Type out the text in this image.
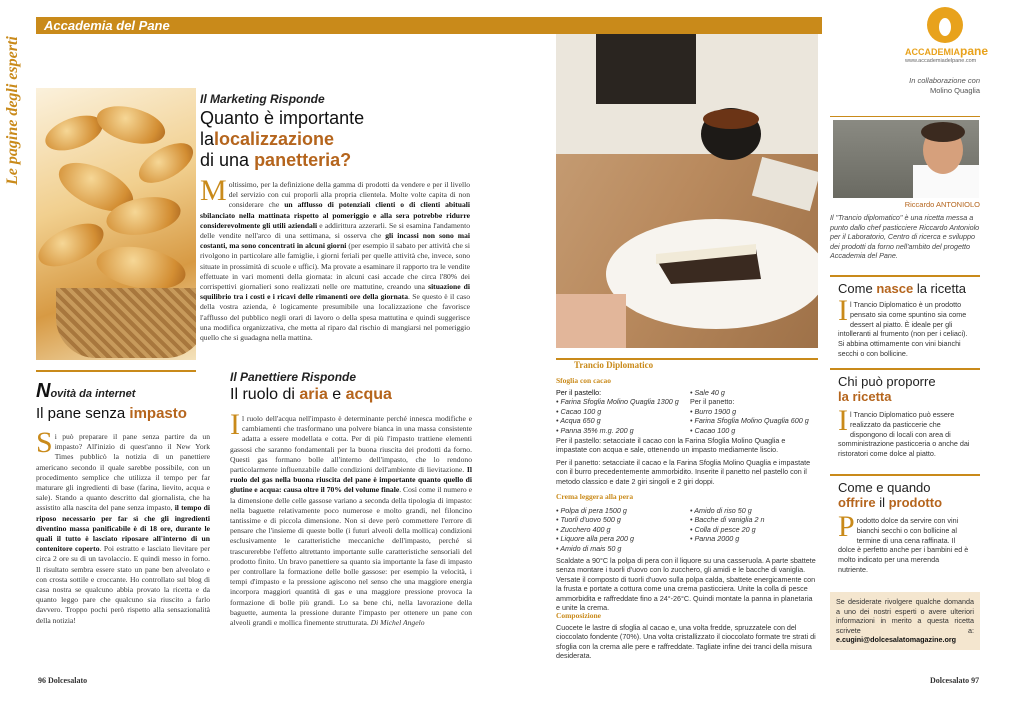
Accademia del Pane
Le pagine degli esperti	Il Marketing Risponde
Quanto è importante
lalocalizzazione
di una panetteria?
Moltissimo, per la definizione della gamma di prodotti da vendere e per il livello del servizio con cui proporli alla propria clientela. Molte volte capita di non considerare che un afflusso di potenziali clienti o di clienti abituali sbilanciato nella mattinata rispetto al pomeriggio e alla sera potrebbe ridurre considerevolmente gli utili aziendali e addirittura azzerarli. Se si esamina l'andamento delle vendite nell'arco di una settimana, si osserva che gli incassi non sono mai costanti, ma sono concentrati in alcuni giorni (per esempio il sabato per attività che si rivolgono in particolare alle famiglie, i giorni feriali per quelle attività che, invece, sono situate in prossimità di scuole e uffici). Ma provate a esaminare il rapporto tra le vendite effettuate in vari momenti della giornata: in alcuni casi accade che circa l'80% dei corrispettivi giornalieri sono realizzati nelle ore mattutine, creando una situazione di squilibrio tra i costi e i ricavi delle rimanenti ore della giornata. Se questo è il caso della vostra azienda, è logicamente presumibile una localizzazione che favorisce l'afflusso del pubblico negli orari di lavoro o della spesa mattutina e quindi suggerisce una modifica organizzativa, che metta al riparo dal rischio di mangiarsi nel pomeriggio quello che si guadagna nella mattina.
Novità da internet
Il pane senza impasto
Si può preparare il pane senza partire da un impasto? All'inizio di quest'anno il New York Times pubblicò la notizia di un panettiere americano secondo il quale sarebbe possibile, con un procedimento semplice che utilizza il tempo per far maturare gli ingredienti di base (farina, lievito, acqua e sale). Stando a quanto descritto dal giornalista, che ha assistito alla nascita del pane senza impasto, il tempo di riposo necessario per far sì che gli ingredienti diventino massa panificabile è di 18 ore, durante le quali il tutto è lasciato riposare all'interno di un contenitore coperto. Poi estratto e lasciato lievitare per circa 2 ore su di un tavolaccio. E quindi messo in forno. Il risultato sembra essere stato un pane ben alveolato e con crosta sottile e croccante. Ho controllato sul blog di casa nostra se qualcuno abbia provato la ricetta e da quanto leggo pare che qualcuno sia riuscito a farlo davvero. Troppo pochi però rispetto alla sensazionalità della notizia!
Il Panettiere Risponde
Il ruolo di aria e acqua
Il ruolo dell'acqua nell'impasto è determinante perché innesca modifiche e cambiamenti che trasformano una polvere bianca in una massa consistente adatta a essere modellata e cotta. Per di più l'impasto trattiene elementi gassosi che saranno fondamentali per la buona riuscita dei prodotti da forno. Questi gas formano bolle all'interno dell'impasto, che lo rendono particolarmente influenzabile dalle condizioni dell'ambiente di lievitazione. Il ruolo del gas nella buona riuscita del pane è importante quanto quello di glutine e acqua: causa oltre il 70% del volume finale. Così come il numero e la dimensione delle celle gassose variano a seconda della tipologia di impasto: nella baguette relativamente poco numerose e molto grandi, nel filoncino tantissime e di piccola dimensione. Non si deve però commettere l'errore di pensare che l'insieme di queste bolle (i futuri alveoli della mollica) condizioni esclusivamente le caratteristiche meccaniche dell'impasto, perché si trascurerebbe l'effetto altrettanto importante sulle caratteristiche sensoriali del prodotto finito. Un bravo panettiere sa quanto sia importante la fase di impasto per controllare la formazione delle bolle gassose: per esempio la velocità, i tempi d'impasto e la pressione agiscono nel senso che una maggiore energia incorpora maggiori quantità di gas e una maggiore pressione provoca la formazione di bolle più grandi. Lo sa bene chi, nella lavorazione della baguette, aumenta la pressione durante l'impasto per ottenere un pane con alveoli grandi e mollica finemente strutturata. Di Michel Angelo
96 Dolcesalato
Trancio Diplomatico
Sfoglia con cacao
Per il pastello:
• Farina Sfoglia Molino Quaglia 1300 g
• Cacao 100 g
• Acqua 650 g
• Panna 35% m.g. 200 g
• Sale 40 g
Per il panetto:
• Burro 1900 g
• Farina Sfoglia Molino Quaglia 600 g
• Cacao 100 g
Per il pastello: setacciate il cacao con la Farina Sfoglia Molino Quaglia e impastate con acqua e sale, ottenendo un impasto mediamente liscio.
Per il panetto: setacciate il cacao e la Farina Sfoglia Molino Quaglia e impastate con il burro precedentemente ammorbidito. Inserite il panetto nel pastello con il metodo classico e date 2 giri singoli e 2 giri doppi.
Crema leggera alla pera
• Polpa di pera 1500 g
• Tuorli d'uovo 500 g
• Zucchero 400 g
• Liquore alla pera 200 g
• Amido di mais 50 g
• Amido di riso 50 g
• Bacche di vaniglia 2 n
• Colla di pesce 20 g
• Panna 2000 g
Scaldate a 90°C la polpa di pera con il liquore su una casseruola. A parte sbattete senza montare i tuorli d'uovo con lo zucchero, gli amidi e le bacche di vaniglia. Versate il composto di tuorli d'uovo sulla polpa calda, sbattete energicamente con la frusta e portate a cottura come una crema pasticciera. Unite la colla di pesce ammorbidita e raffreddate fino a 24°-26°C. Quindi montate la panna in planetaria e unite la crema.
Composizione
Cuocete le lastre di sfoglia al cacao e, una volta fredde, spruzzatele con del cioccolato fondente (70%). Una volta cristallizzato il cioccolato formate tre strati di sfoglia con la crema alle pere e raffreddate. Tagliate infine dei tranci della misura desiderata.
ACCADEMIApane
www.accademiadelpane.com
In collaborazione con
Molino Quaglia
Riccardo ANTONIOLO
Il "Trancio diplomatico" è una ricetta messa a punto dallo chef pasticciere Riccardo Antoniolo per il Laboratorio, Centro di ricerca e sviluppo dei prodotti da forno nell'ambito del progetto Accademia del Pane.
Come nasce la ricetta
Il Trancio Diplomatico è un prodotto pensato sia come spuntino sia come dessert al piatto. È ideale per gli intolleranti al frumento (non per i celiaci). Si abbina ottimamente con vini bianchi secchi o con bollicine.
Chi può proporre
la ricetta
Il Trancio Diplomatico può essere realizzato da pasticcerie che dispongono di locali con area di somministrazione pasticceria o anche dai ristoratori come dolce al piatto.
Come e quando
offrire il prodotto
Prodotto dolce da servire con vini bianchi secchi o con bollicine al termine di una cena raffinata. Il dolce è perfetto anche per i bambini ed è molto indicato per una merenda nutriente.
Se desiderate rivolgere qualche domanda a uno dei nostri esperti o avere ulteriori informazioni in merito a questa ricetta scrivete a: e.cugini@dolcesalatomagazine.org
Dolcesalato 97
